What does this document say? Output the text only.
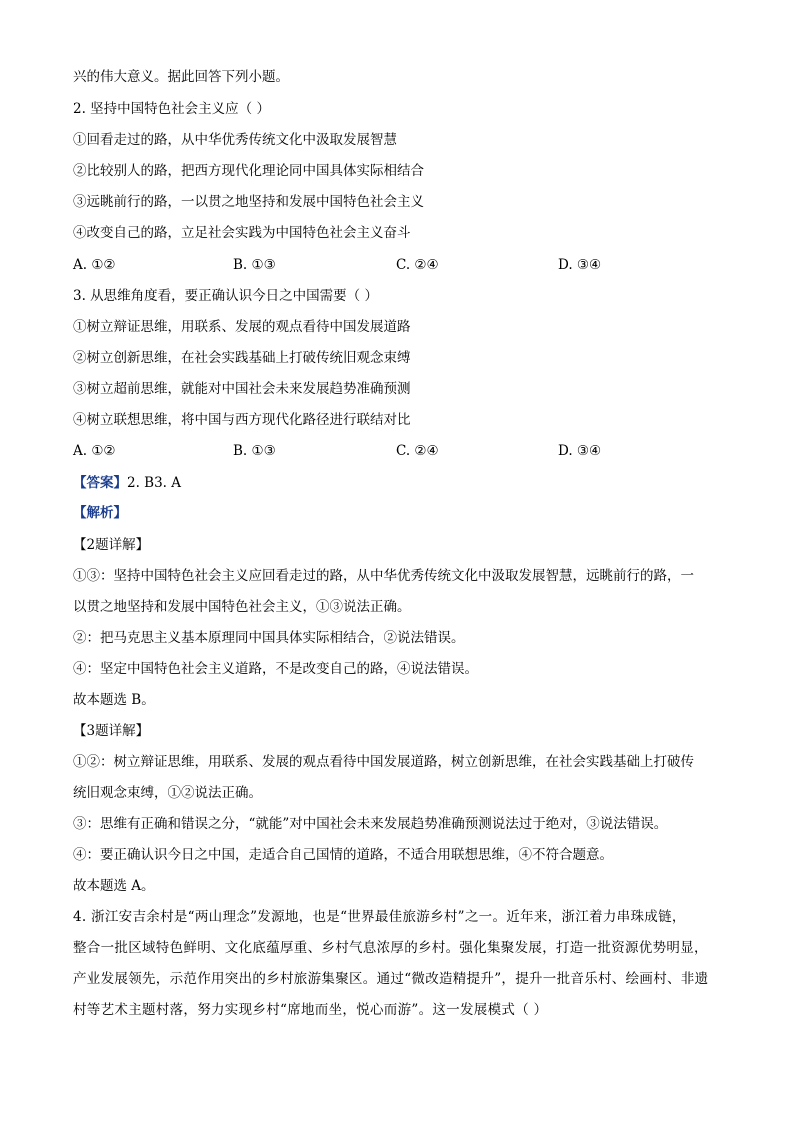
兴的伟大意义。据此回答下列小题。
2. 坚持中国特色社会主义应（ ）
①回看走过的路，从中华优秀传统文化中汲取发展智慧
②比较别人的路，把西方现代化理论同中国具体实际相结合
③远眺前行的路，一以贯之地坚持和发展中国特色社会主义
④改变自己的路，立足社会实践为中国特色社会主义奋斗
A. ①②	B. ①③	C. ②④	D. ③④
3. 从思维角度看，要正确认识今日之中国需要（ ）
①树立辩证思维，用联系、发展的观点看待中国发展道路
②树立创新思维，在社会实践基础上打破传统旧观念束缚
③树立超前思维，就能对中国社会未来发展趋势准确预测
④树立联想思维，将中国与西方现代化路径进行联结对比
A. ①②	B. ①③	C. ②④	D. ③④
【答案】2. B3. A
【解析】
【2题详解】
①③：坚持中国特色社会主义应回看走过的路，从中华优秀传统文化中汲取发展智慧，远眺前行的路，一
以贯之地坚持和发展中国特色社会主义，①③说法正确。
②：把马克思主义基本原理同中国具体实际相结合，②说法错误。
④：坚定中国特色社会主义道路，不是改变自己的路，④说法错误。
故本题选 B。
【3题详解】
①②：树立辩证思维，用联系、发展的观点看待中国发展道路，树立创新思维，在社会实践基础上打破传
统旧观念束缚，①②说法正确。
③：思维有正确和错误之分，“就能”对中国社会未来发展趋势准确预测说法过于绝对，③说法错误。
④：要正确认识今日之中国，走适合自己国情的道路，不适合用联想思维，④不符合题意。
故本题选 A。
4. 浙江安吉余村是“两山理念”发源地，也是“世界最佳旅游乡村”之一。近年来，浙江着力串珠成链，
整合一批区域特色鲜明、文化底蕴厚重、乡村气息浓厚的乡村。强化集聚发展，打造一批资源优势明显，
产业发展领先，示范作用突出的乡村旅游集聚区。通过“微改造精提升”，提升一批音乐村、绘画村、非遗
村等艺术主题村落，努力实现乡村“席地而坐，悦心而游”。这一发展模式（ ）
